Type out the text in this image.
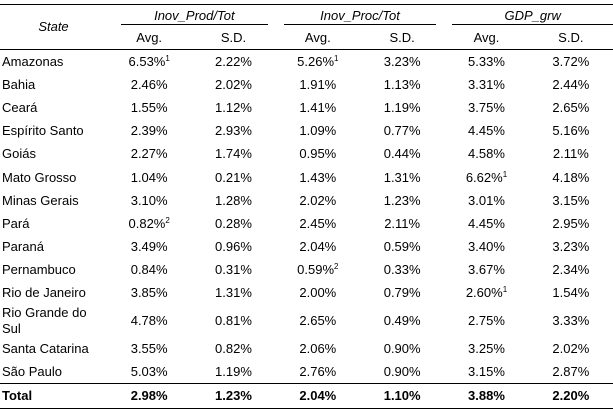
State	Inov_Prod/Tot		Inov_Proc/Tot		GDP_grw	

	Avg.	S.D.	Avg.	S.D.	Avg.	S.D.
Amazonas	6.53%$^1$	2.22%	5.26%$^1$	3.23%	5.33%	3.72%
Bahia	2.46%	2.02%	1.91%	1.13%	3.31%	2.44%
Ceará	1.55%	1.12%	1.41%	1.19%	3.75%	2.65%
Espírito Santo	2.39%	2.93%	1.09%	0.77%	4.45%	5.16%
Goiás	2.27%	1.74%	0.95%	0.44%	4.58%	2.11%
Mato Grosso	1.04%	0.21%	1.43%	1.31%	6.62%$^1$	4.18%
Minas Gerais	3.10%	1.28%	2.02%	1.23%	3.01%	3.15%
Pará	0.82%$^2$	0.28%	2.45%	2.11%	4.45%	2.95%
Paraná	3.49%	0.96%	2.04%	0.59%	3.40%	3.23%
Pernambuco	0.84%	0.31%	0.59%$^2$	0.33%	3.67%	2.34%
Rio de Janeiro	3.85%	1.31%	2.00%	0.79%	2.60%$^1$	1.54%
Rio Grande do Sul	4.78%	0.81%	2.65%	0.49%	2.75%	3.33%
Santa Catarina	3.55%	0.82%	2.06%	0.90%	3.25%	2.02%
São Paulo	5.03%	1.19%	2.76%	0.90%	3.15%	2.87%
Total	2.98%	1.23%	2.04%	1.10%	3.88%	2.20%
